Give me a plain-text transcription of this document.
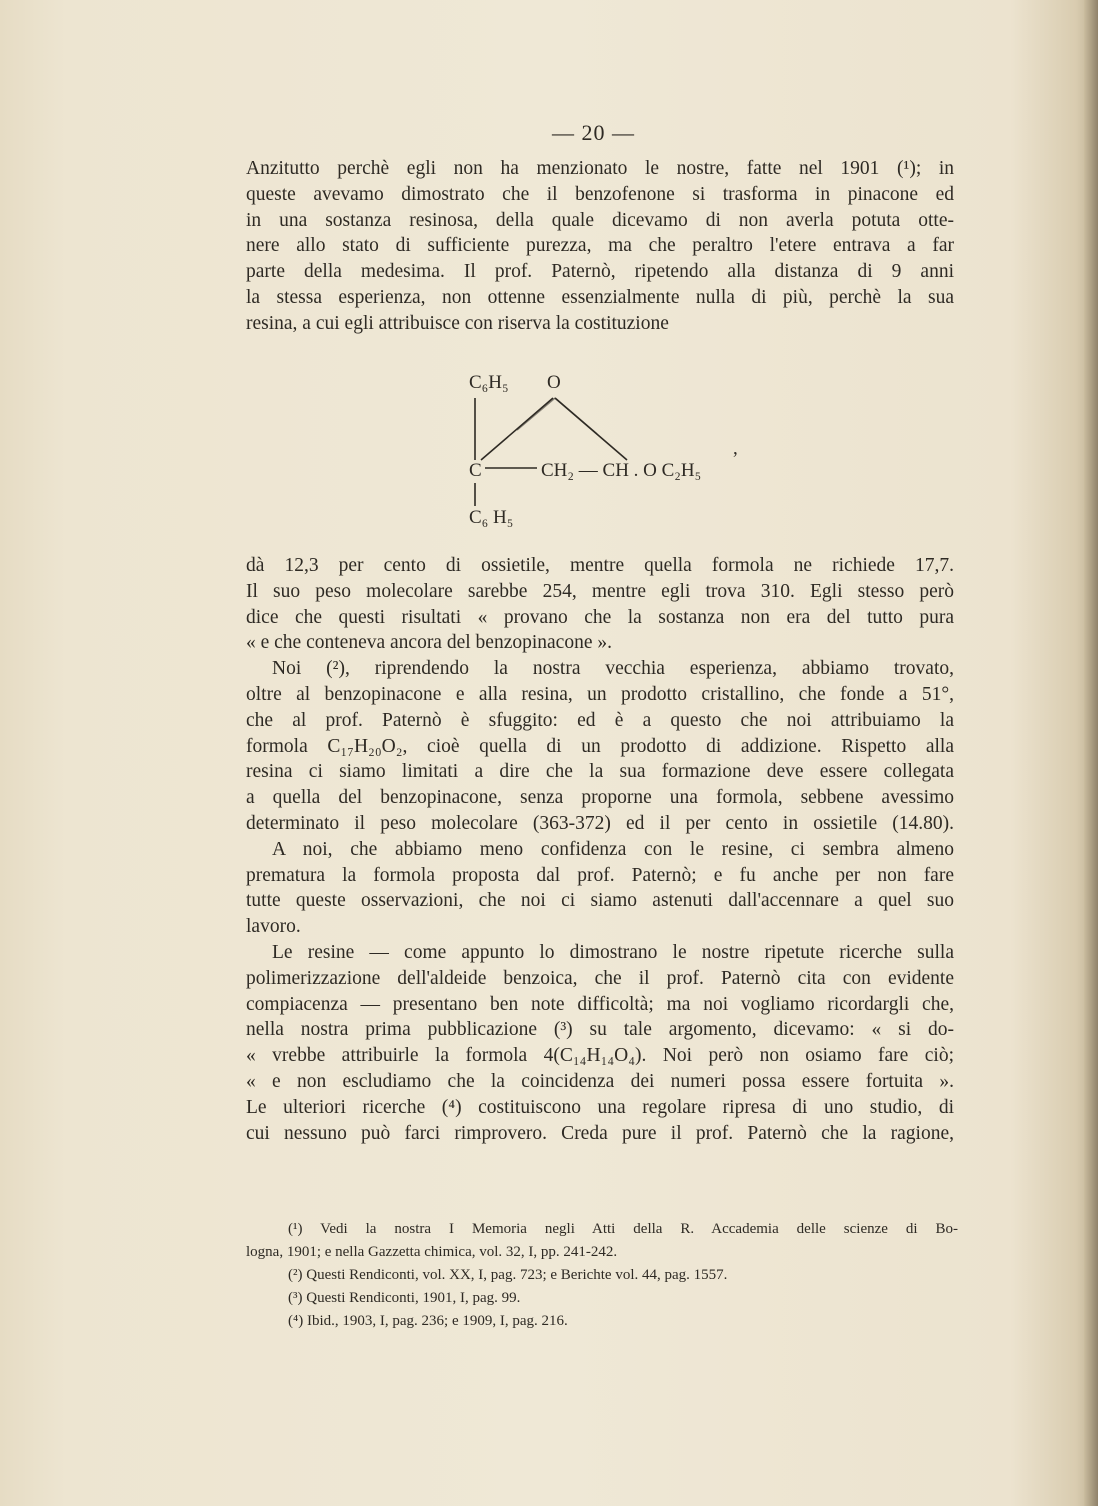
— 20 —
Anzitutto perchè egli non ha menzionato le nostre, fatte nel 1901 (¹); in
queste avevamo dimostrato che il benzofenone si trasforma in pinacone ed
in una sostanza resinosa, della quale dicevamo di non averla potuta otte-
nere allo stato di sufficiente purezza, ma che peraltro l'etere entrava a far
parte della medesima. Il prof. Paternò, ripetendo alla distanza di 9 anni
la stessa esperienza, non ottenne essenzialmente nulla di più, perchè la sua
resina, a cui egli attribuisce con riserva la costituzione
C₆H₅ O
C	CH₂ — CH . O C₂H₅
C₆ H₅
,
dà 12,3 per cento di ossietile, mentre quella formola ne richiede 17,7.
Il suo peso molecolare sarebbe 254, mentre egli trova 310. Egli stesso però
dice che questi risultati « provano che la sostanza non era del tutto pura
« e che conteneva ancora del benzopinacone ».
Noi (²), riprendendo la nostra vecchia esperienza, abbiamo trovato,
oltre al benzopinacone e alla resina, un prodotto cristallino, che fonde a 51°,
che al prof. Paternò è sfuggito: ed è a questo che noi attribuiamo la
formola C₁₇H₂₀O₂, cioè quella di un prodotto di addizione. Rispetto alla
resina ci siamo limitati a dire che la sua formazione deve essere collegata
a quella del benzopinacone, senza proporne una formola, sebbene avessimo
determinato il peso molecolare (363-372) ed il per cento in ossietile (14.80).
A noi, che abbiamo meno confidenza con le resine, ci sembra almeno
prematura la formola proposta dal prof. Paternò; e fu anche per non fare
tutte queste osservazioni, che noi ci siamo astenuti dall'accennare a quel suo
lavoro.
Le resine — come appunto lo dimostrano le nostre ripetute ricerche sulla
polimerizzazione dell'aldeide benzoica, che il prof. Paternò cita con evidente
compiacenza — presentano ben note difficoltà; ma noi vogliamo ricordargli che,
nella nostra prima pubblicazione (³) su tale argomento, dicevamo: « si do-
« vrebbe attribuirle la formola 4(C₁₄H₁₄O₄). Noi però non osiamo fare ciò;
« e non escludiamo che la coincidenza dei numeri possa essere fortuita ».
Le ulteriori ricerche (⁴) costituiscono una regolare ripresa di uno studio, di
cui nessuno può farci rimprovero. Creda pure il prof. Paternò che la ragione,
(¹) Vedi la nostra I Memoria negli Atti della R. Accademia delle scienze di Bo-
logna, 1901; e nella Gazzetta chimica, vol. 32, I, pp. 241-242.
(²) Questi Rendiconti, vol. XX, I, pag. 723; e Berichte vol. 44, pag. 1557.
(³) Questi Rendiconti, 1901, I, pag. 99.
(⁴) Ibid., 1903, I, pag. 236; e 1909, I, pag. 216.
